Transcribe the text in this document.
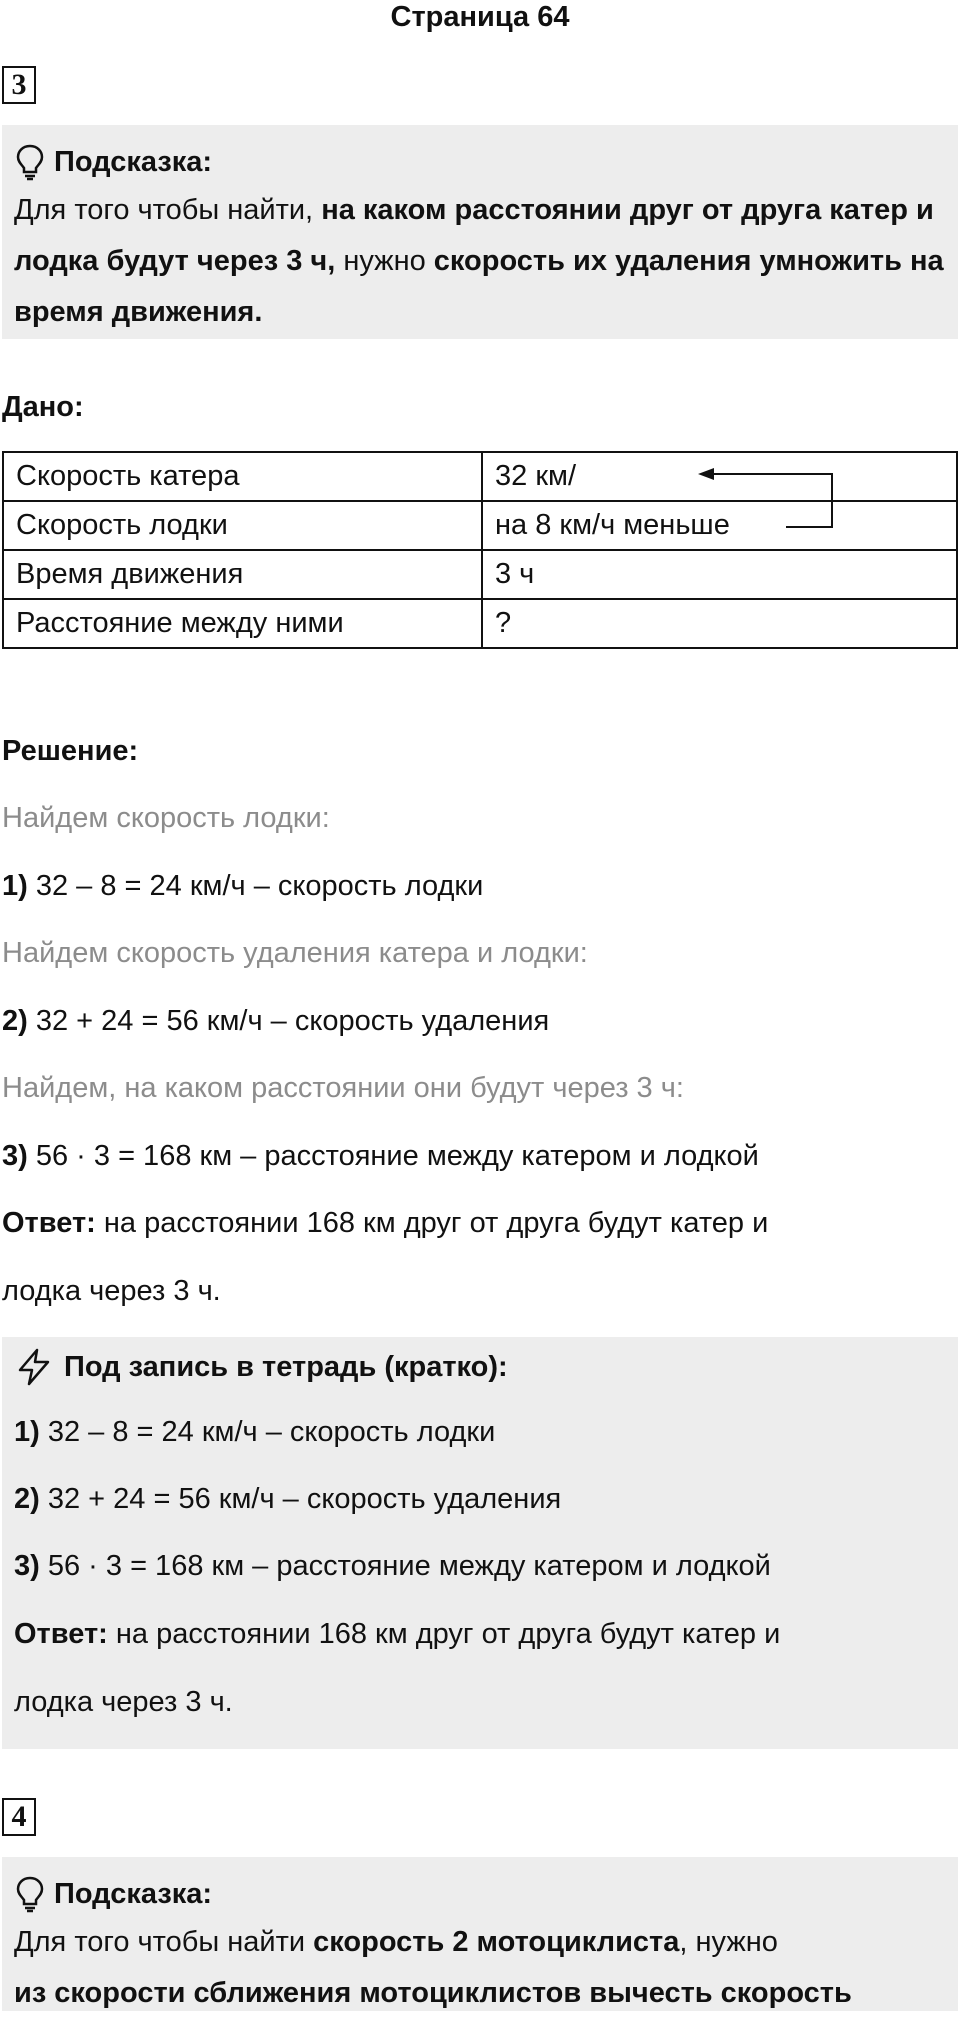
Страница 64
3
Подсказка:
Для того чтобы найти, на каком расстоянии друг от друга катер и лодка будут через 3 ч, нужно скорость их удаления умножить на время движения.
Дано:
Скорость катера	32 км/
Скорость лодки	на 8 км/ч меньше
Время движения	3 ч
Расстояние между ними	?
Решение:
Найдем скорость лодки:
1) 32 – 8 = 24 км/ч – скорость лодки
Найдем скорость удаления катера и лодки:
2) 32 + 24 = 56 км/ч – скорость удаления
Найдем, на каком расстоянии они будут через 3 ч:
3) 56 · 3 = 168 км – расстояние между катером и лодкой
Ответ: на расстоянии 168 км друг от друга будут катер и
лодка через 3 ч.
Под запись в тетрадь (кратко):
1) 32 – 8 = 24 км/ч – скорость лодки
2) 32 + 24 = 56 км/ч – скорость удаления
3) 56 · 3 = 168 км – расстояние между катером и лодкой
Ответ: на расстоянии 168 км друг от друга будут катер и
лодка через 3 ч.
4
Подсказка:
Для того чтобы найти скорость 2 мотоциклиста, нужно
из скорости сближения мотоциклистов вычесть скорость
